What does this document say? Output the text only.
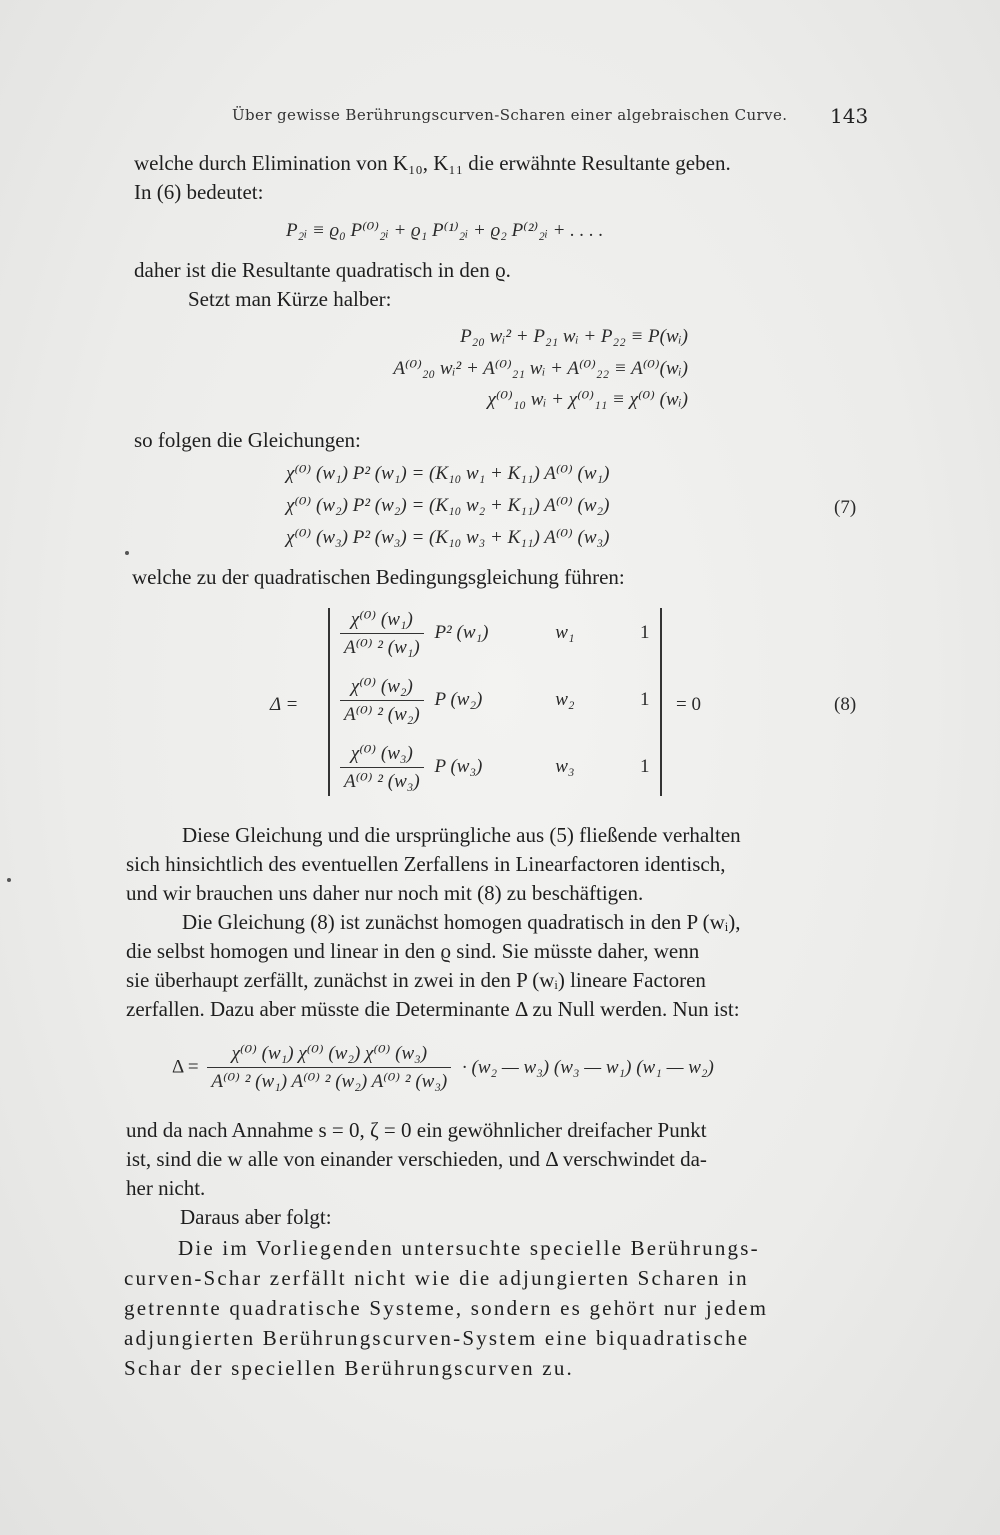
Über gewisse Berührungscurven-Scharen einer algebraischen Curve. 143

welche durch Elimination von K₁₀, K₁₁ die erwähnte Resultante geben.

In (6) bedeutet:

P₂ᵢ ≡ ϱ₀ P⁽⁰⁾₂ᵢ + ϱ₁ P⁽¹⁾₂ᵢ + ϱ₂ P⁽²⁾₂ᵢ + . . . .

daher ist die Resultante quadratisch in den ϱ.

Setzt man Kürze halber:

P₂₀ wᵢ² + P₂₁ wᵢ + P₂₂ ≡ P(wᵢ)
A⁽⁰⁾₂₀ wᵢ² + A⁽⁰⁾₂₁ wᵢ + A⁽⁰⁾₂₂ ≡ A⁽⁰⁾(wᵢ)
χ⁽⁰⁾₁₀ wᵢ + χ⁽⁰⁾₁₁ ≡ χ⁽⁰⁾ (wᵢ)
so folgen die Gleichungen:
χ⁽⁰⁾ (w₁) P² (w₁) = (K₁₀ w₁ + K₁₁) A⁽⁰⁾ (w₁)
χ⁽⁰⁾ (w₂) P² (w₂) = (K₁₀ w₂ + K₁₁) A⁽⁰⁾ (w₂)
χ⁽⁰⁾ (w₃) P² (w₃) = (K₁₀ w₃ + K₁₁) A⁽⁰⁾ (w₃)
(7)
welche zu der quadratischen Bedingungsgleichung führen:
Δ =
$\frac{\text{χ⁽⁰⁾ (w₁)}}{\text{A⁽⁰⁾ ² (w₁)}} P^2$ (w₁)	w₁	1
$\frac{\text{χ⁽⁰⁾ (w₂)}}{\text{A⁽⁰⁾ ² (w₂)}}$ P (w₂)	w₂	1
$\frac{\text{χ⁽⁰⁾ (w₃)}}{\text{A⁽⁰⁾ ² (w₃)}}$ P (w₃)	w₃	1
= 0	(8)

Diese Gleichung und die ursprüngliche aus (5) fließende verhalten

sich hinsichtlich des eventuellen Zerfallens in Linearfactoren identisch,

und wir brauchen uns daher nur noch mit (8) zu beschäftigen.

Die Gleichung (8) ist zunächst homogen quadratisch in den P (wᵢ),

die selbst homogen und linear in den ϱ sind. Sie müsste daher, wenn

sie überhaupt zerfällt, zunächst in zwei in den P (wᵢ) lineare Factoren

zerfallen. Dazu aber müsste die Determinante Δ zu Null werden. Nun ist:

$\Delta = \frac{\text{χ⁽⁰⁾ (w₁) χ⁽⁰⁾ (w₂) χ⁽⁰⁾ (w₃)}}{\text{A⁽⁰⁾ ² (w₁) A⁽⁰⁾ ² (w₂) A⁽⁰⁾ ² (w₃)}} \cdot (w_2$ — w₃) (w₃ — w₁) (w₁ — w₂)

und da nach Annahme s = 0, ζ = 0 ein gewöhnlicher dreifacher Punkt

ist, sind die w alle von einander verschieden, und Δ verschwindet da-

her nicht.

Daraus aber folgt:
Die im Vorliegenden untersuchte specielle Berührungs-
curven-Schar zerfällt nicht wie die adjungierten Scharen in
getrennte quadratische Systeme, sondern es gehört nur jedem
adjungierten Berührungscurven-System eine biquadratische
Schar der speciellen Berührungscurven zu.
